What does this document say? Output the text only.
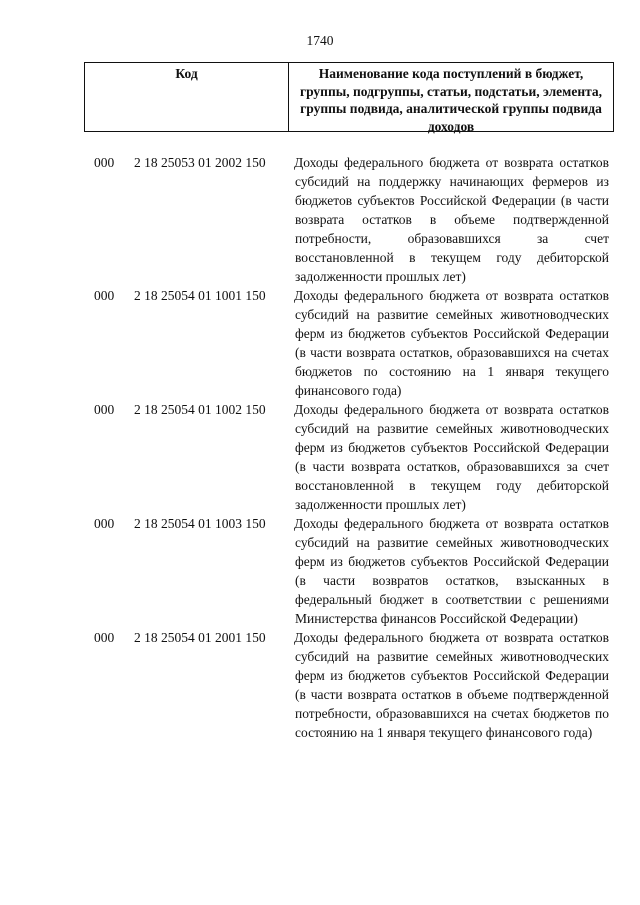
1740
Код	Наименование кода поступлений в бюджет, группы, подгруппы, статьи, подстатьи, элемента, группы подвида, аналитической группы подвида доходов
000	2 18 25053 01 2002 150	Доходы федерального бюджета от возврата остатков субсидий на поддержку начинающих фермеров из бюджетов субъектов Российской Федерации (в части возврата остатков в объеме подтвержденной потребности, образовавшихся за счет восстановленной в текущем году дебиторской задолженности прошлых лет)
000	2 18 25054 01 1001 150	Доходы федерального бюджета от возврата остатков субсидий на развитие семейных животноводческих ферм из бюджетов субъектов Российской Федерации (в части возврата остатков, образовавшихся на счетах бюджетов по состоянию на 1 января текущего финансового года)
000	2 18 25054 01 1002 150	Доходы федерального бюджета от возврата остатков субсидий на развитие семейных животноводческих ферм из бюджетов субъектов Российской Федерации (в части возврата остатков, образовавшихся за счет восстановленной в текущем году дебиторской задолженности прошлых лет)
000	2 18 25054 01 1003 150	Доходы федерального бюджета от возврата остатков субсидий на развитие семейных животноводческих ферм из бюджетов субъектов Российской Федерации (в части возвратов остатков, взысканных в федеральный бюджет в соответствии с решениями Министерства финансов Российской Федерации)
000	2 18 25054 01 2001 150	Доходы федерального бюджета от возврата остатков субсидий на развитие семейных животноводческих ферм из бюджетов субъектов Российской Федерации (в части возврата остатков в объеме подтвержденной потребности, образовавшихся на счетах бюджетов по состоянию на 1 января текущего финансового года)
